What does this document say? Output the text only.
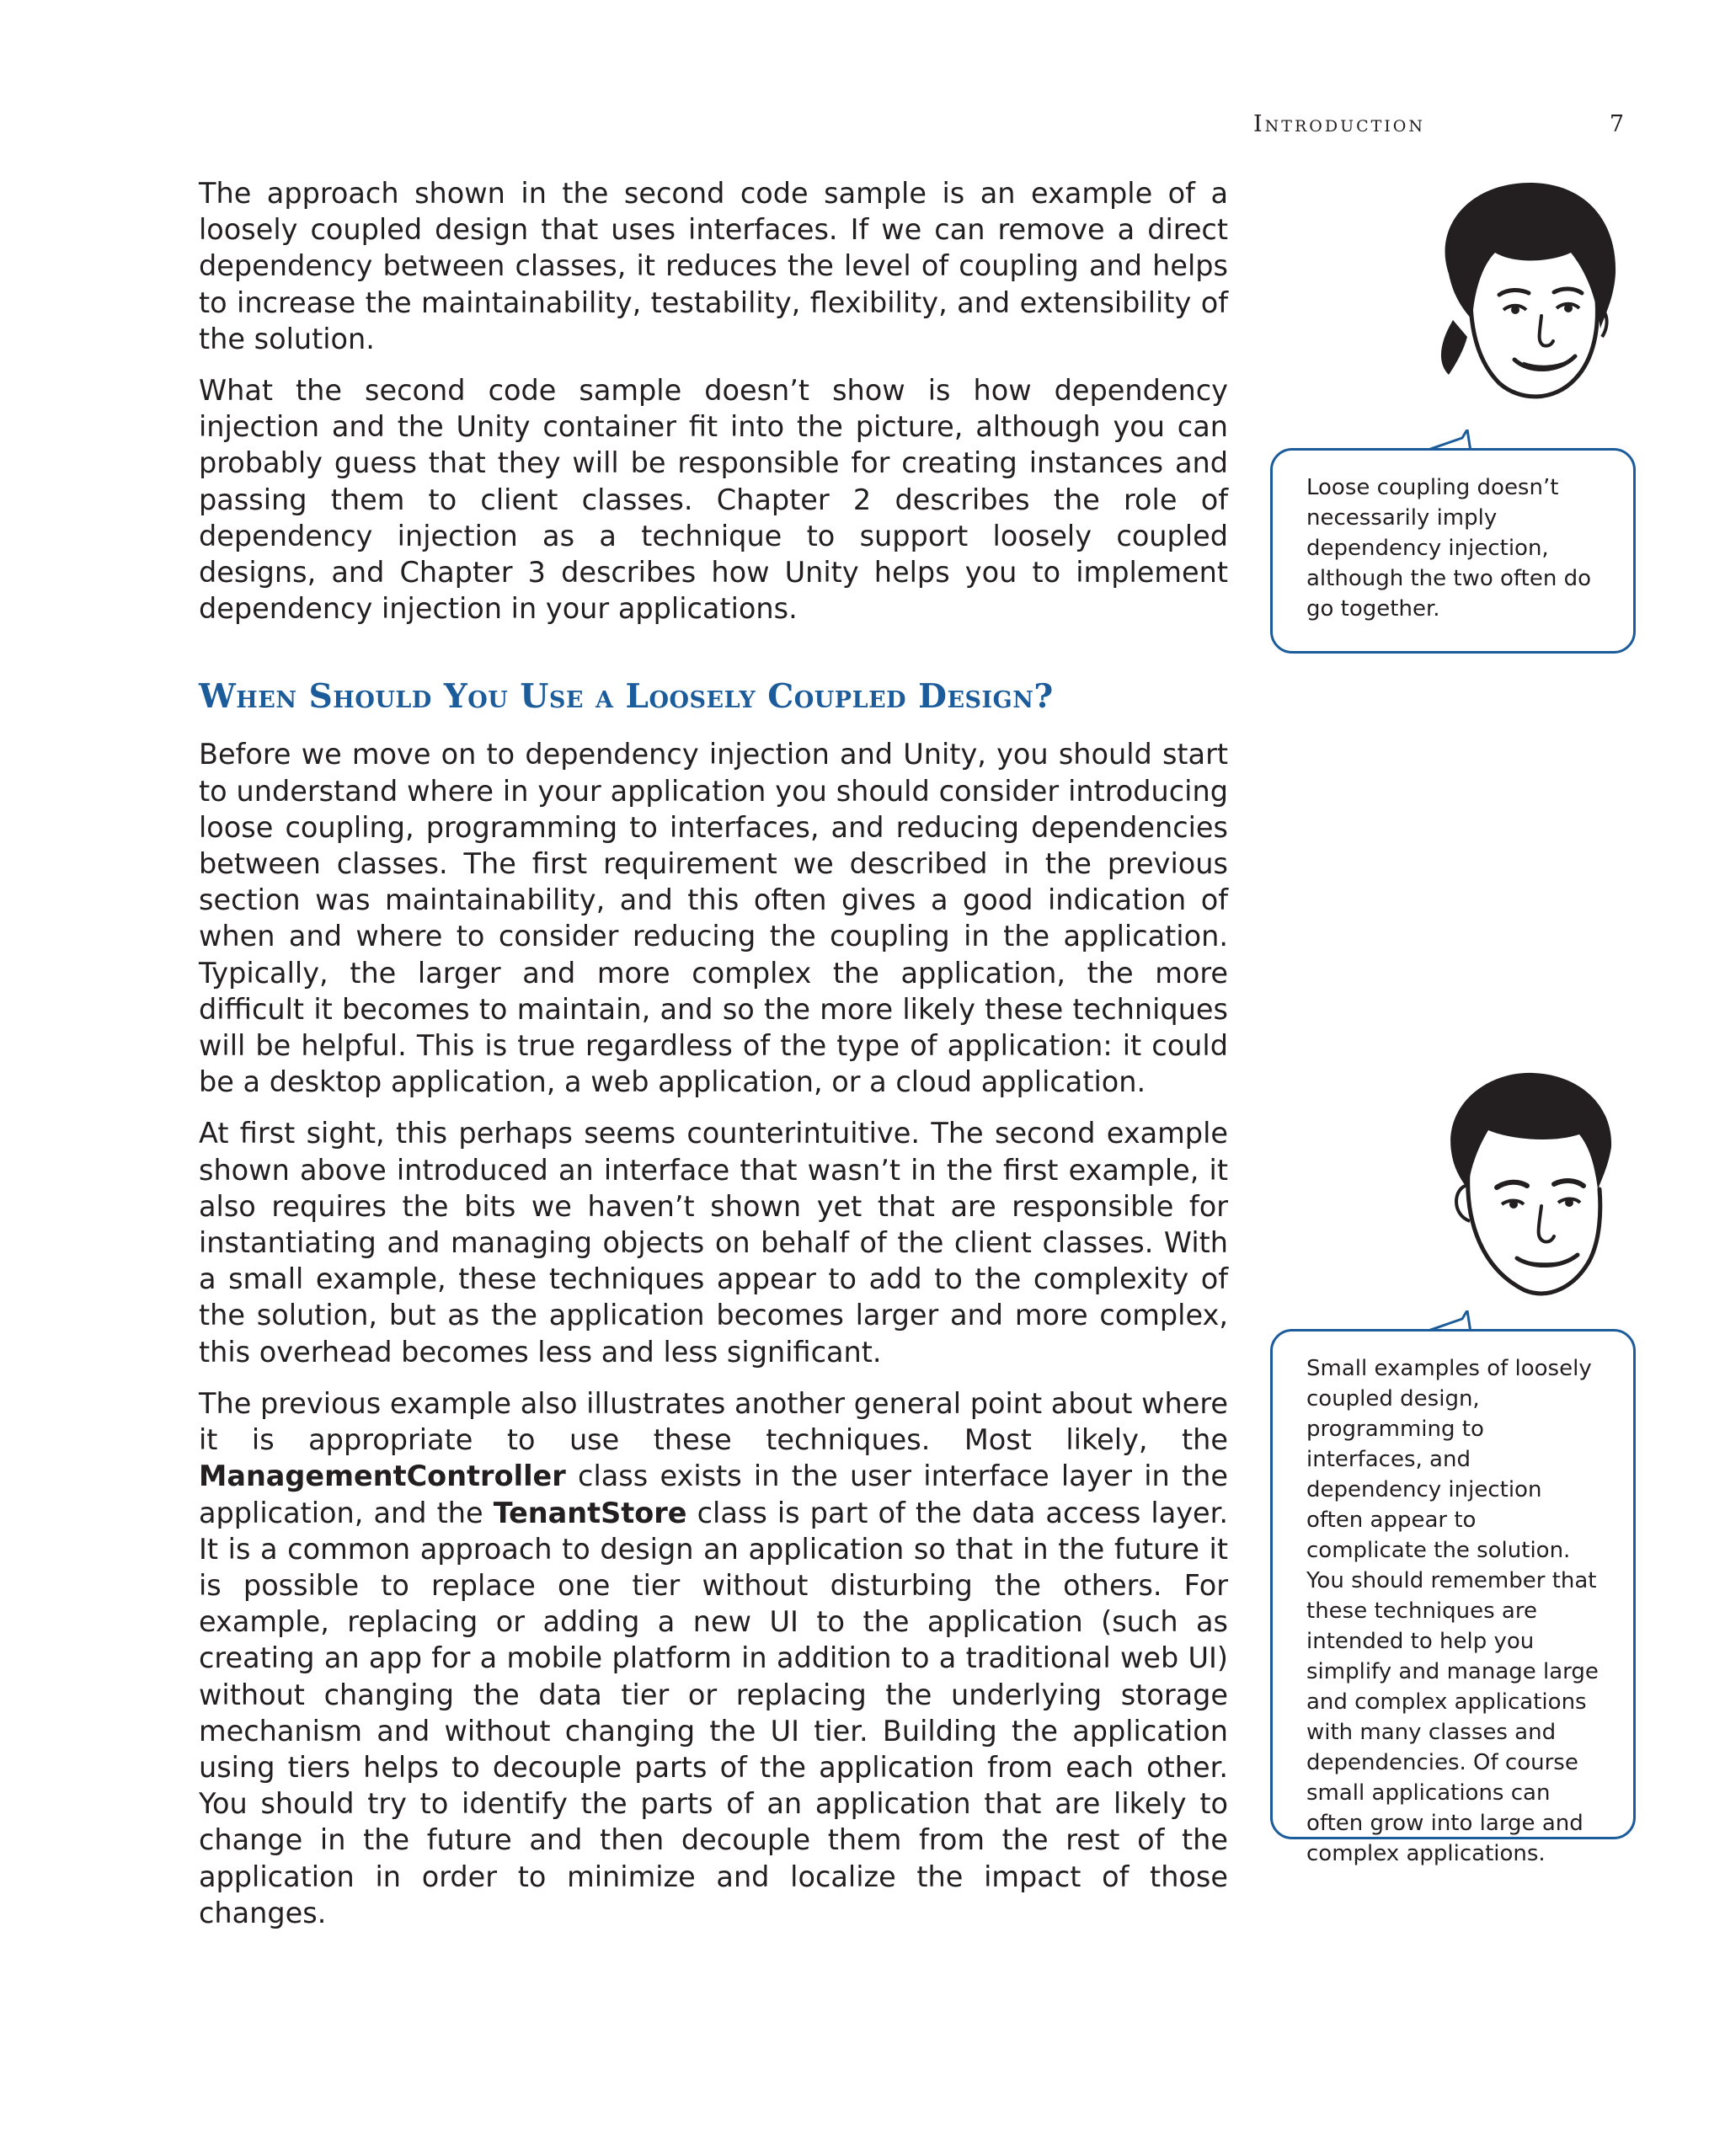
Introduction	7

The approach shown in the second code sample is an example of a loosely coupled design that uses interfaces. If we can remove a direct dependency between classes, it reduces the level of coupling and helps to increase the maintainability, testability, flexibility, and extensibility of the solution.

What the second code sample doesn’t show is how dependency injection and the Unity container fit into the picture, although you can probably guess that they will be responsible for creating instances and passing them to client classes. Chapter 2 describes the role of dependency injection as a technique to support loosely coupled designs, and Chapter 3 describes how Unity helps you to implement dependency injection in your applications.

When Should You Use a Loosely Coupled Design?

Before we move on to dependency injection and Unity, you should start to understand where in your application you should consider introducing loose coupling, programming to interfaces, and reducing dependencies between classes. The first requirement we described in the previous section was maintainability, and this often gives a good indication of when and where to consider reducing the coupling in the application. Typically, the larger and more complex the application, the more difficult it becomes to maintain, and so the more likely these techniques will be helpful. This is true regardless of the type of application: it could be a desktop application, a web application, or a cloud application.

At first sight, this perhaps seems counterintuitive. The second example shown above introduced an interface that wasn’t in the first example, it also requires the bits we haven’t shown yet that are responsible for instantiating and managing objects on behalf of the client classes. With a small example, these techniques appear to add to the complexity of the solution, but as the application becomes larger and more complex, this overhead becomes less and less significant.

The previous example also illustrates another general point about where it is appropriate to use these techniques. Most likely, the ManagementController class exists in the user interface layer in the application, and the TenantStore class is part of the data access layer. It is a common approach to design an application so that in the future it is possible to replace one tier without disturbing the others. For example, replacing or adding a new UI to the application (such as creating an app for a mobile platform in addition to a traditional web UI) without changing the data tier or replacing the underlying storage mechanism and without changing the UI tier. Building the application using tiers helps to decouple parts of the application from each other. You should try to identify the parts of an application that are likely to change in the future and then decouple them from the rest of the application in order to minimize and localize the impact of those changes.

Loose coupling doesn’t necessarily imply dependency injection, although the two often do go together.

Small examples of loosely coupled design, programming to interfaces, and dependency injection often appear to complicate the solution. You should remember that these techniques are intended to help you simplify and manage large and complex applications with many classes and dependencies. Of course small applications can often grow into large and complex applications.
